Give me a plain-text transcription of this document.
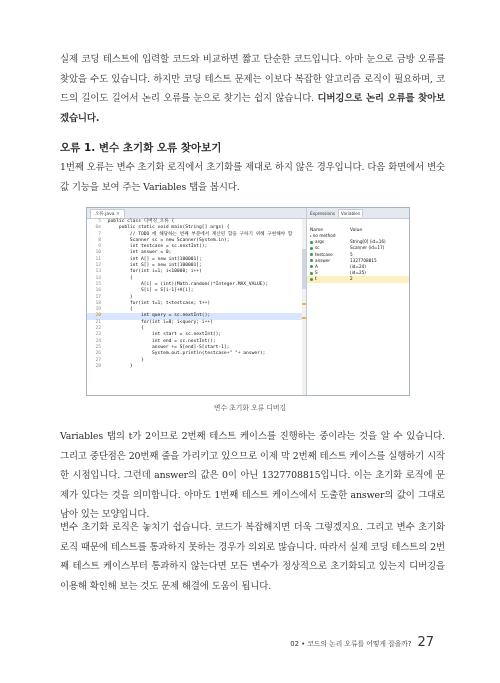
실제 코딩 테스트에 입력할 코드와 비교하면 짧고 단순한 코드입니다. 아마 눈으로 금방 오류를 찾았을 수도 있습니다. 하지만 코딩 테스트 문제는 이보다 복잡한 알고리즘 로직이 필요하며, 코드의 길이도 길어서 논리 오류를 눈으로 찾기는 쉽지 않습니다. 디버깅으로 논리 오류를 찾아보겠습니다.

오류 1. 변수 초기화 오류 찾아보기

1번째 오류는 변수 초기화 로직에서 초기화를 제대로 하지 않은 경우입니다. 다음 화면에서 변숫값 기능을 보여 주는 Variables 탭을 봅시다.

오류.java ✕
5 public class 디버깅_오류 {
6⊖     public static void main(String[] args) {
7         // TODO 에 해당하는 번째 부분에서 계산된 합을 구하기 위해 구현해야 함
8         Scanner sc = new Scanner(System.in);
9         int testcase = sc.nextInt();
10         int answer = 0;
11         int A[] = new int[100001];
12         int S[] = new int[100001];
13         for(int i=1; i<10000; i++)
14         {
15             A[i] = (int)(Math.random()*Integer.MAX_VALUE);
16             S[i] = S[i-1]+A[i];
17         }
18         for(int t=1; t<testcase; t++)
19         {
20             int query = sc.nextInt();
21             for(int i=0; i<query; i++)
22             {
23                 int start = sc.nextInt();
24                 int end = sc.nextInt();
25                 answer += S[end]-S[start-1];
26                 System.out.println(testcase+" "+ answer);
27             }
28         }
Expressions	Variables
Name	Value
▸no method
args	String[0] (id=16)
sc	Scanner (id=17)
testcase	5
answer	1327708815
A	(id=24)
S	(id=25)
t	2
변수 초기화 오류 디버깅

Variables 탭의 t가 2이므로 2번째 테스트 케이스를 진행하는 중이라는 것을 알 수 있습니다. 그리고 중단점은 20번째 줄을 가리키고 있으므로 이제 막 2번째 테스트 케이스를 실행하기 시작한 시점입니다. 그런데 answer의 값은 0이 아닌 1327708815입니다. 이는 초기화 로직에 문제가 있다는 것을 의미합니다. 아마도 1번째 테스트 케이스에서 도출한 answer의 값이 그대로 남아 있는 모양입니다.

변수 초기화 로직은 놓치기 쉽습니다. 코드가 복잡해지면 더욱 그렇겠지요. 그리고 변수 초기화 로직 때문에 테스트를 통과하지 못하는 경우가 의외로 많습니다. 따라서 실제 코딩 테스트의 2번째 테스트 케이스부터 통과하지 않는다면 모든 변수가 정상적으로 초기화되고 있는지 디버깅을 이용해 확인해 보는 것도 문제 해결에 도움이 됩니다.

02 • 코드의 논리 오류를 어떻게 잡을까? 27
